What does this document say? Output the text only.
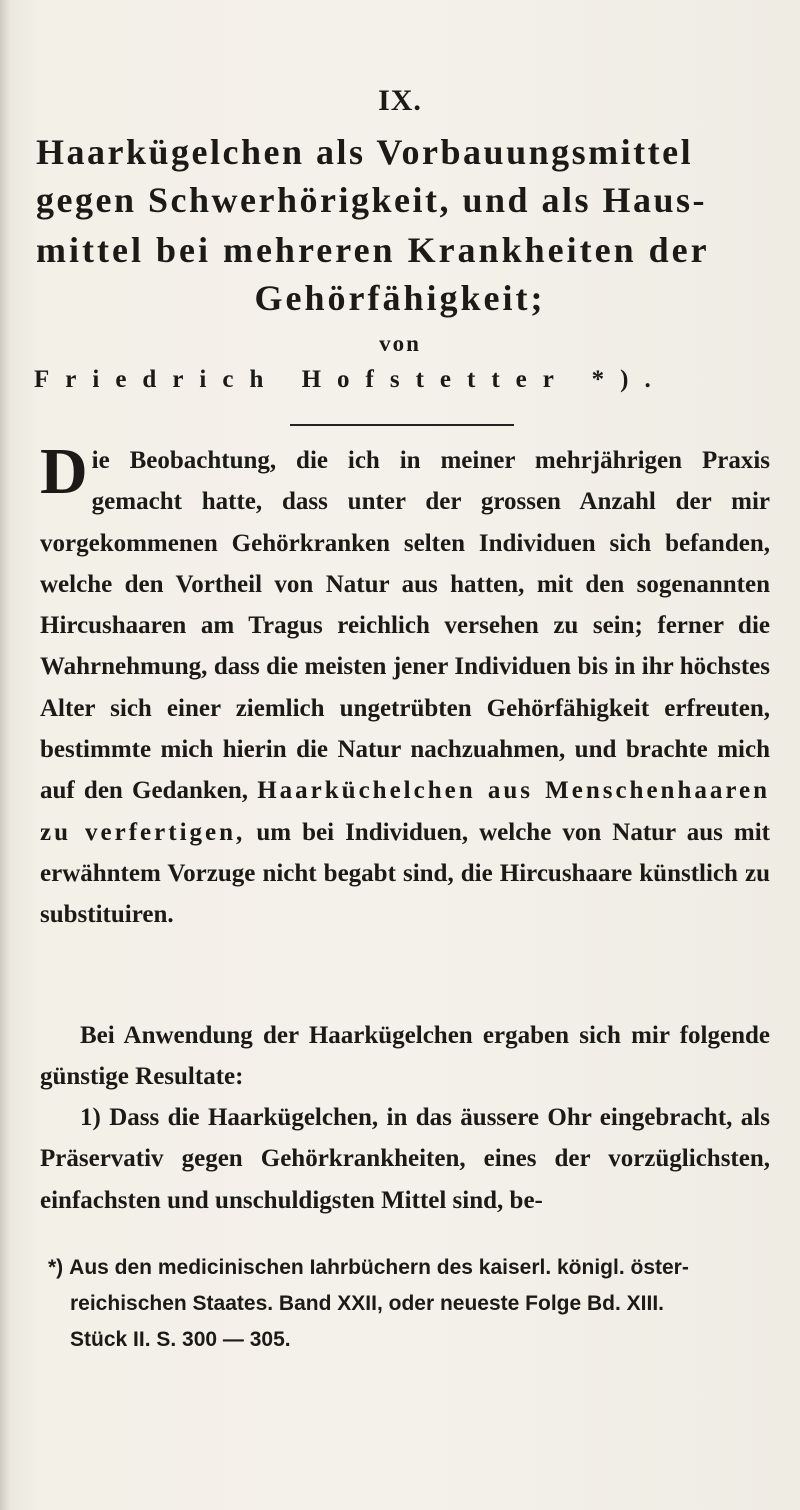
IX.
Haarkügelchen als Vorbauungsmittel
gegen Schwerhörigkeit, und als Haus-
mittel bei mehreren Krankheiten der
Gehörfähigkeit;
von
Friedrich Hofstetter *).

Die Beobachtung, die ich in meiner mehrjährigen Praxis gemacht hatte, dass unter der grossen Anzahl der mir vorgekommenen Gehörkranken selten Individuen sich befanden, welche den Vortheil von Natur aus hatten, mit den sogenannten Hircushaaren am Tragus reichlich versehen zu sein; ferner die Wahrnehmung, dass die meisten jener Individuen bis in ihr höchstes Alter sich einer ziemlich ungetrübten Gehörfähigkeit erfreuten, bestimmte mich hierin die Natur nachzuahmen, und brachte mich auf den Gedanken, Haarküchelchen aus Menschenhaaren zu verfertigen, um bei Individuen, welche von Natur aus mit erwähntem Vorzuge nicht begabt sind, die Hircushaare künstlich zu substituiren.

Bei Anwendung der Haarkügelchen ergaben sich mir folgende günstige Resultate:

1) Dass die Haarkügelchen, in das äussere Ohr eingebracht, als Präservativ gegen Gehörkrankheiten, eines der vorzüglichsten, einfachsten und unschuldigsten Mittel sind, be-

*) Aus den medicinischen Iahrbüchern des kaiserl. königl. öster-

reichischen Staates. Band XXII, oder neueste Folge Bd. XIII.

Stück II. S. 300 — 305.
